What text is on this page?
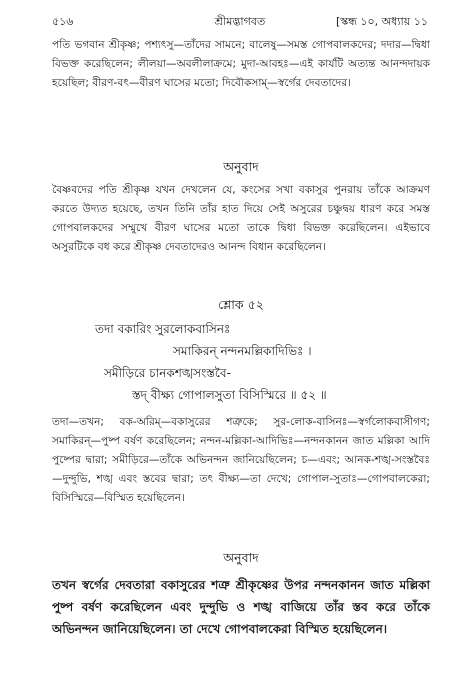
৫১৬	শ্রীমদ্ভাগবত	[স্কন্ধ ১০, অধ্যায় ১১

পতি ভগবান শ্রীকৃষ্ণ; পশ্যৎসু—তাঁদের সামনে; বালেষু—সমস্ত গোপবালকদের; দদার—দ্বিধা বিভক্ত করেছিলেন; লীলয়া—অবলীলাক্রমে; মুদা-আবহঃ—এই কার্যটি অত্যন্ত আনন্দদায়ক হয়েছিল; বীরণ-বৎ—বীরণ ঘাসের মতো; দিবৌকসাম্—স্বর্গের দেবতাদের।

অনুবাদ

বৈষ্ণবদের পতি শ্রীকৃষ্ণ যখন দেখলেন যে, কংসের সখা বকাসুর পুনরায় তাঁকে আক্রমণ করতে উদ্যত হয়েছে, তখন তিনি তাঁর হাত দিয়ে সেই অসুরের চঞ্চুদ্বয় ধারণ করে সমস্ত গোপবালকদের সম্মুখে বীরণ ঘাসের মতো তাকে দ্বিধা বিভক্ত করেছিলেন। এইভাবে অসুরটিকে বধ করে শ্রীকৃষ্ণ দেবতাদেরও আনন্দ বিধান করেছিলেন।

শ্লোক ৫২
তদা বকারিং সুরলোকবাসিনঃ
সমাকিরন্ নন্দনমল্লিকাদিভিঃ ।
সমীড়িরে চানকশঙ্খসংস্তবৈ-
স্তদ্ বীক্ষ্য গোপালসুতা বিসিস্মিরে ॥ ৫২ ॥

তদা—তখন; বক-অরিম্—বকাসুরের শত্রুকে; সুর-লোক-বাসিনঃ—স্বর্গলোকবাসীগণ; সমাকিরন্—পুষ্প বর্ষণ করেছিলেন; নন্দন-মল্লিকা-আদিভিঃ—নন্দনকানন জাত মল্লিকা আদি পুষ্পের দ্বারা; সমীড়িরে—তাঁকে অভিনন্দন জানিয়েছিলেন; চ—এবং; আনক-শঙ্খ-সংস্তবৈঃ—দুন্দুভি, শঙ্খ এবং স্তবের দ্বারা; তৎ বীক্ষ্য—তা দেখে; গোপাল-সুতাঃ—গোপবালকেরা; বিসিস্মিরে—বিস্মিত হয়েছিলেন।

অনুবাদ

তখন স্বর্গের দেবতারা বকাসুরের শত্রু শ্রীকৃষ্ণের উপর নন্দনকানন জাত মল্লিকা পুষ্প বর্ষণ করেছিলেন এবং দুন্দুভি ও শঙ্খ বাজিয়ে তাঁর স্তব করে তাঁকে অভিনন্দন জানিয়েছিলেন। তা দেখে গোপবালকেরা বিস্মিত হয়েছিলেন।
